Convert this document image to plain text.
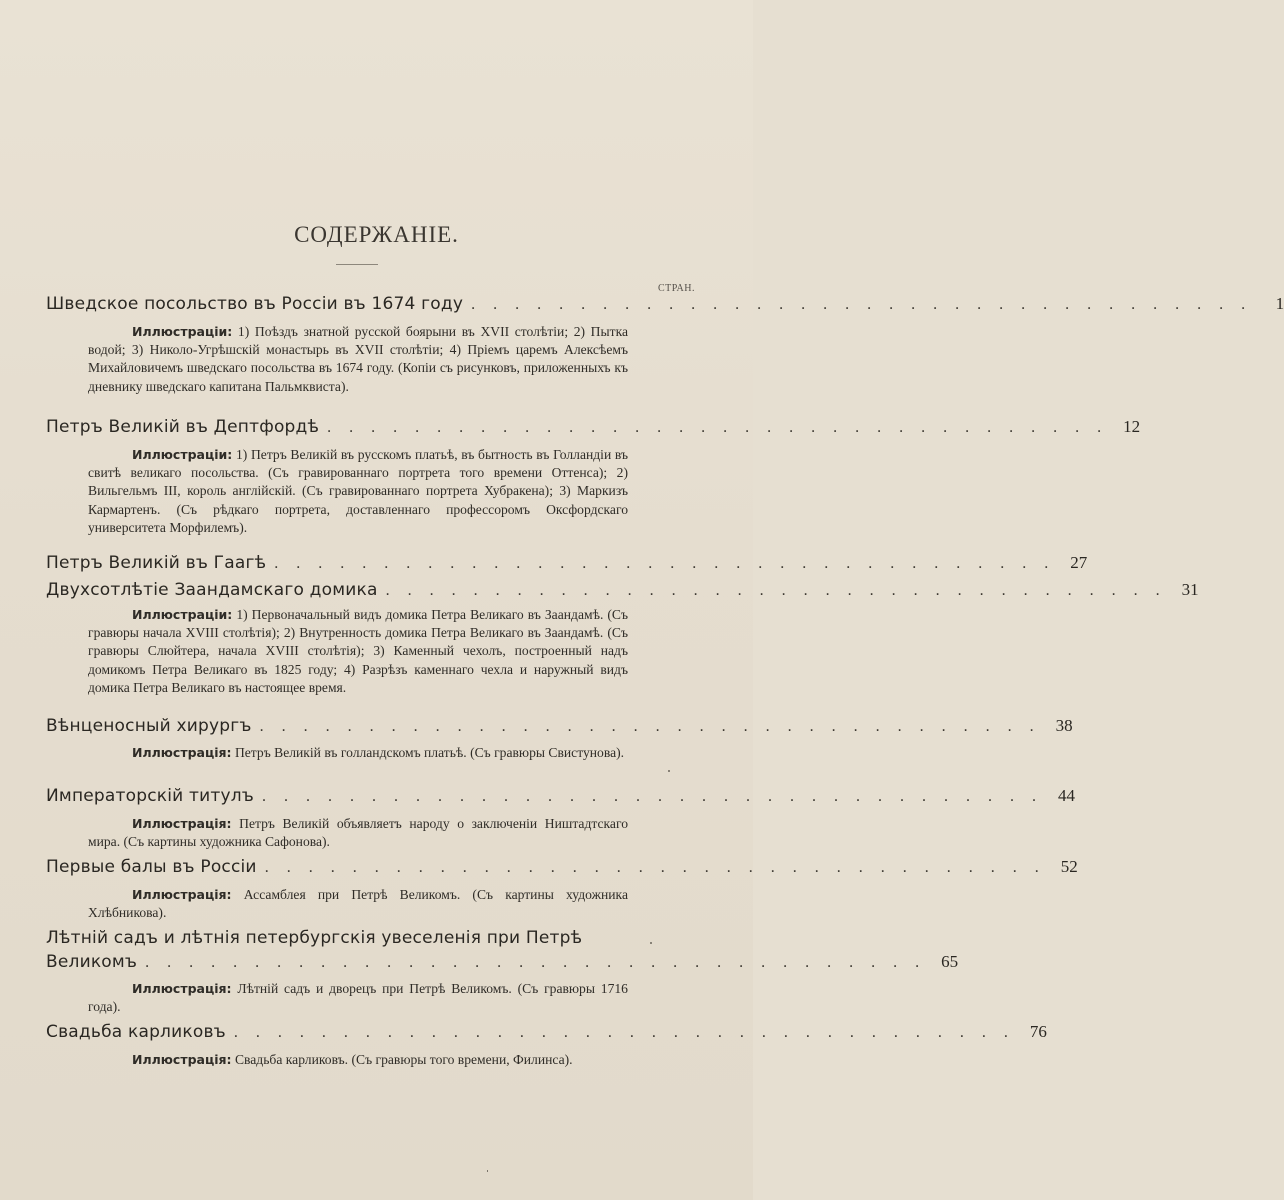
СОДЕРЖАНIЕ.
СТРАН.
Шведское посольство въ Россiи въ 1674 году . . . . . . . . . . . . . . . . . . . . . . . . . . . . . . . . . . . .	1
Иллюстрацiи: 1) Поѣздъ знатной русской боярыни въ XVII столѣтiи; 2) Пытка водой; 3) Николо-Угрѣшскiй монастырь въ XVII столѣтiи; 4) Прiемъ царемъ Алексѣемъ Михайловичемъ шведскаго посольства въ 1674 году. (Копiи съ рисунковъ, приложенныхъ къ дневнику шведскаго капитана Пальмквиста).
Петръ Великiй въ Дептфордѣ . . . . . . . . . . . . . . . . . . . . . . . . . . . . . . . . . . . . 12
Иллюстрацiи: 1) Петръ Великiй въ русскомъ платьѣ, въ бытность въ Голландiи въ свитѣ великаго посольства. (Съ гравированнаго портрета того времени Оттенса); 2) Вильгельмъ III, король англiйскiй. (Съ гравированнаго портрета Хубракена); 3) Маркизъ Кармартенъ. (Съ рѣдкаго портрета, доставленнаго профессоромъ Оксфордскаго университета Морфилемъ).
Петръ Великiй въ Гаагѣ . . . . . . . . . . . . . . . . . . . . . . . . . . . . . . . . . . . . 27
Двухсотлѣтiе Заандамскаго домика . . . . . . . . . . . . . . . . . . . . . . . . . . . . . . . . . . . . 31
Иллюстрацiи: 1) Первоначальный видъ домика Петра Великаго въ Заандамѣ. (Съ гравюры начала XVIII столѣтiя); 2) Внутренность домика Петра Великаго въ Заандамѣ. (Съ гравюры Слюйтера, начала XVIII столѣтiя); 3) Каменный чехолъ, построенный надъ домикомъ Петра Великаго въ 1825 году; 4) Разрѣзъ каменнаго чехла и наружный видъ домика Петра Великаго въ настоящее время.
Вѣнценосный хирургъ . . . . . . . . . . . . . . . . . . . . . . . . . . . . . . . . . . . . 38
Иллюстрацiя: Петръ Великiй въ голландскомъ платьѣ. (Съ гравюры Свистунова).
Императорскiй титулъ . . . . . . . . . . . . . . . . . . . . . . . . . . . . . . . . . . . . 44
Иллюстрацiя: Петръ Великiй объявляетъ народу о заключенiи Ништадтскаго мира. (Съ картины художника Сафонова).
Первые балы въ Россiи . . . . . . . . . . . . . . . . . . . . . . . . . . . . . . . . . . . . 52
Иллюстрацiя: Ассамблея при Петрѣ Великомъ. (Съ картины художника Хлѣбникова).
Лѣтнiй садъ и лѣтнiя петербургскiя увеселенiя при Петрѣ
Великомъ . . . . . . . . . . . . . . . . . . . . . . . . . . . . . . . . . . . . 65
Иллюстрацiя: Лѣтнiй садъ и дворецъ при Петрѣ Великомъ. (Съ гравюры 1716 года).
Свадьба карликовъ . . . . . . . . . . . . . . . . . . . . . . . . . . . . . . . . . . . . 76
Иллюстрацiя: Свадьба карликовъ. (Съ гравюры того времени, Филинса).
